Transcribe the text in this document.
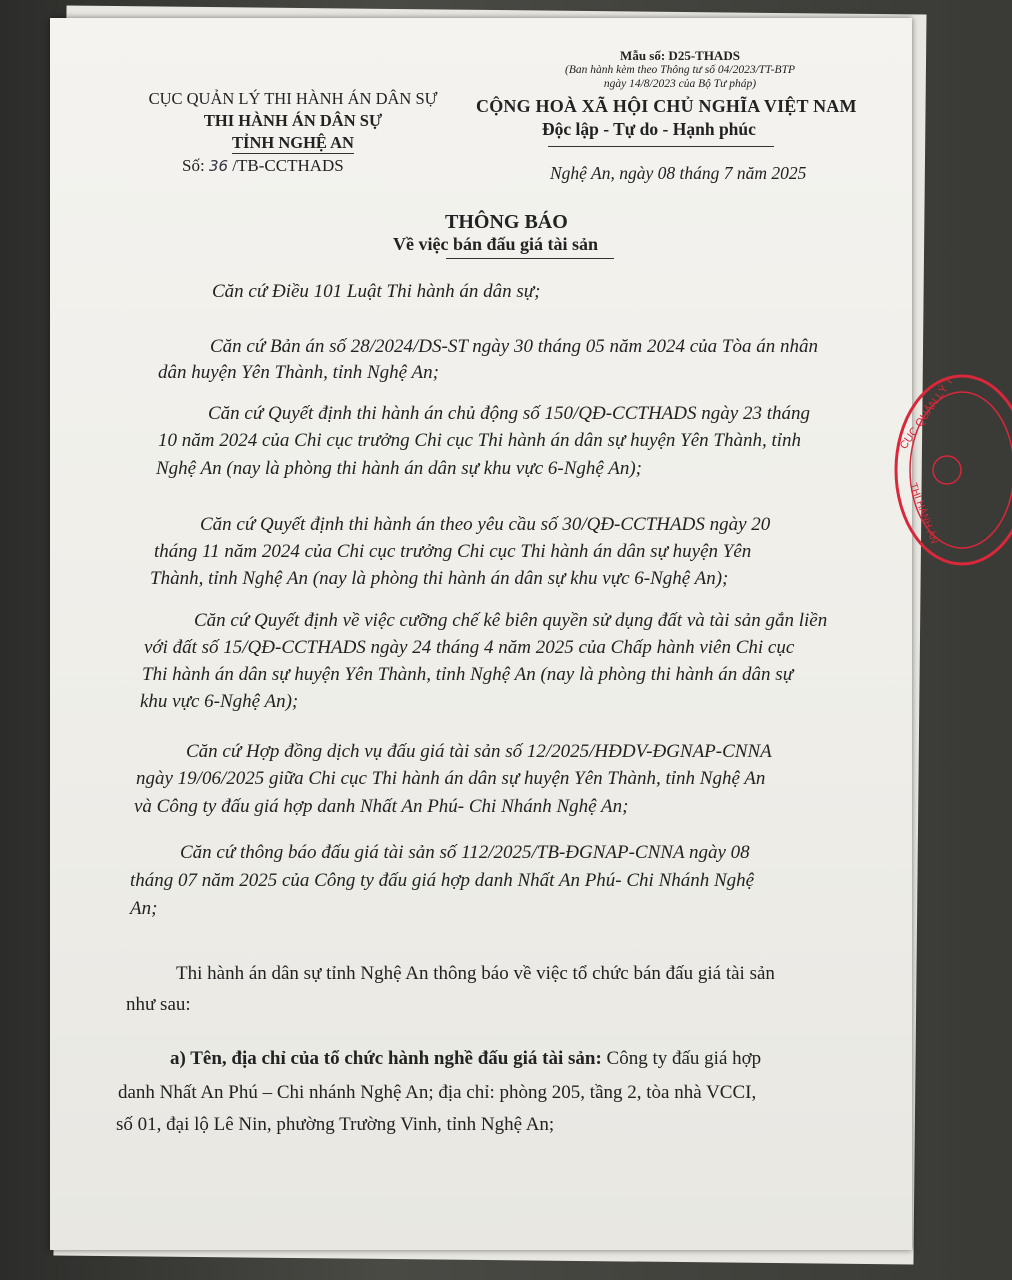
CỤC QUẢN LÝ THI HÀNH ÁN DÂN SỰ
THI HÀNH ÁN DÂN SỰ
TỈNH NGHỆ AN
Số: 36 /TB-CCTHADS
Mẫu số: D25-THADS
(Ban hành kèm theo Thông tư số 04/2023/TT-BTP
ngày 14/8/2023 của Bộ Tư pháp)
CỘNG HOÀ XÃ HỘI CHỦ NGHĨA VIỆT NAM
Độc lập - Tự do - Hạnh phúc
Nghệ An, ngày 08 tháng 7 năm 2025
THÔNG BÁO
Về việc bán đấu giá tài sản
Căn cứ Điều 101 Luật Thi hành án dân sự;
Căn cứ Bản án số 28/2024/DS-ST ngày 30 tháng 05 năm 2024 của Tòa án nhân
dân huyện Yên Thành, tỉnh Nghệ An;
Căn cứ Quyết định thi hành án chủ động số 150/QĐ-CCTHADS ngày 23 tháng
10 năm 2024 của Chi cục trưởng Chi cục Thi hành án dân sự huyện Yên Thành, tỉnh
Nghệ An (nay là phòng thi hành án dân sự khu vực 6-Nghệ An);
Căn cứ Quyết định thi hành án theo yêu cầu số 30/QĐ-CCTHADS ngày 20
tháng 11 năm 2024 của Chi cục trưởng Chi cục Thi hành án dân sự huyện Yên
Thành, tỉnh Nghệ An (nay là phòng thi hành án dân sự khu vực 6-Nghệ An);
Căn cứ Quyết định về việc cưỡng chế kê biên quyền sử dụng đất và tài sản gắn liền
với đất số 15/QĐ-CCTHADS ngày 24 tháng 4 năm 2025 của Chấp hành viên Chi cục
Thi hành án dân sự huyện Yên Thành, tỉnh Nghệ An (nay là phòng thi hành án dân sự
khu vực 6-Nghệ An);
Căn cứ Hợp đồng dịch vụ đấu giá tài sản số 12/2025/HĐDV-ĐGNAP-CNNA
ngày 19/06/2025 giữa Chi cục Thi hành án dân sự huyện Yên Thành, tỉnh Nghệ An
và Công ty đấu giá hợp danh Nhất An Phú- Chi Nhánh Nghệ An;
Căn cứ thông báo đấu giá tài sản số 112/2025/TB-ĐGNAP-CNNA ngày 08
tháng 07 năm 2025 của Công ty đấu giá hợp danh Nhất An Phú- Chi Nhánh Nghệ
An;
Thi hành án dân sự tỉnh Nghệ An thông báo về việc tổ chức bán đấu giá tài sản
như sau:
a) Tên, địa chỉ của tổ chức hành nghề đấu giá tài sản: Công ty đấu giá hợp
danh Nhất An Phú – Chi nhánh Nghệ An; địa chỉ: phòng 205, tầng 2, tòa nhà VCCI,
số 01, đại lộ Lê Nin, phường Trường Vinh, tỉnh Nghệ An;
CỤC QUẢN LÝ T
THI HÀNH ÁN
